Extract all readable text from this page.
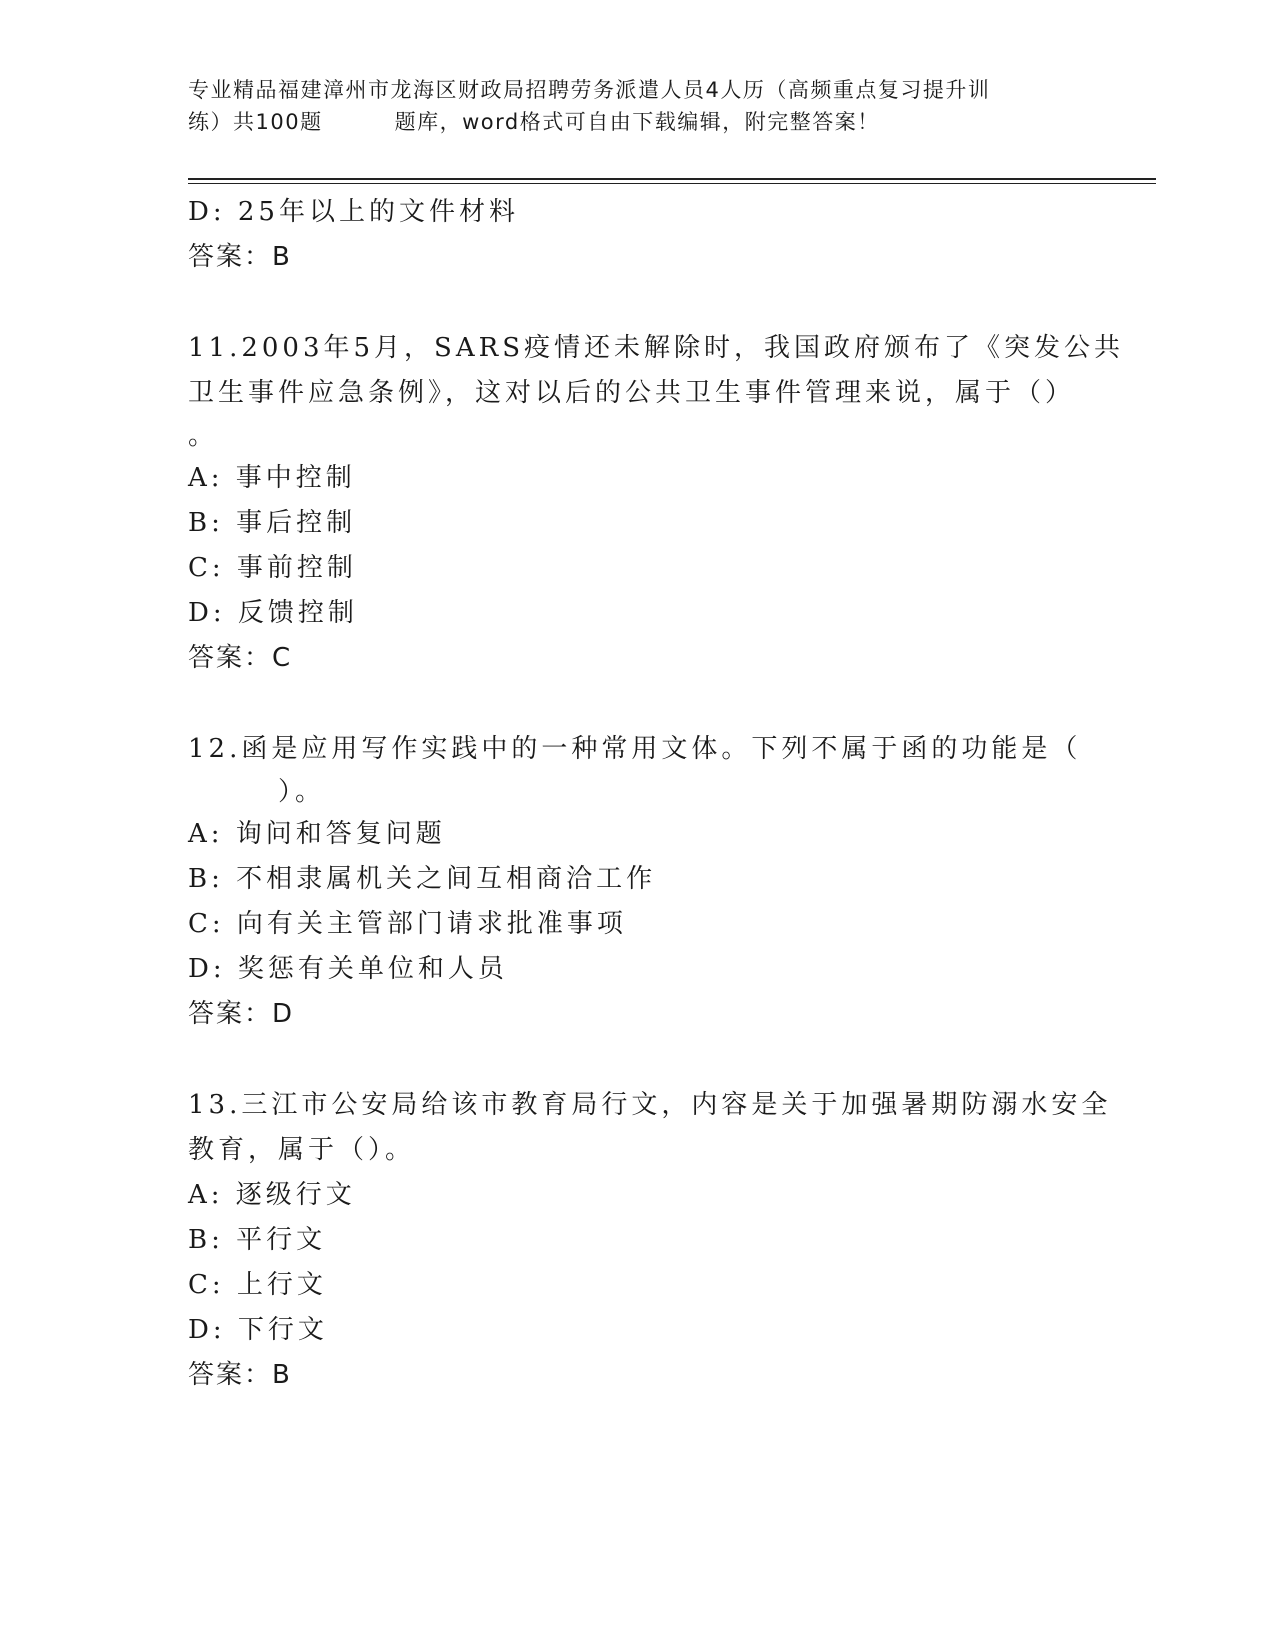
专业精品福建漳州市龙海区财政局招聘劳务派遣人员4人历（高频重点复习提升训
练）共100题	题库，word格式可自由下载编辑，附完整答案！
D: 25年以上的文件材料
答案：B
11.2003年5月，SARS疫情还未解除时，我国政府颁布了《突发公共
卫生事件应急条例》，这对以后的公共卫生事件管理来说，属于（）
。
A: 事中控制
B: 事后控制
C: 事前控制
D: 反馈控制
答案：C
12.函是应用写作实践中的一种常用文体。下列不属于函的功能是（
）。
A: 询问和答复问题
B: 不相隶属机关之间互相商洽工作
C: 向有关主管部门请求批准事项
D: 奖惩有关单位和人员
答案：D
13.三江市公安局给该市教育局行文，内容是关于加强暑期防溺水安全
教育，属于（）。
A: 逐级行文
B: 平行文
C: 上行文
D: 下行文
答案：B
